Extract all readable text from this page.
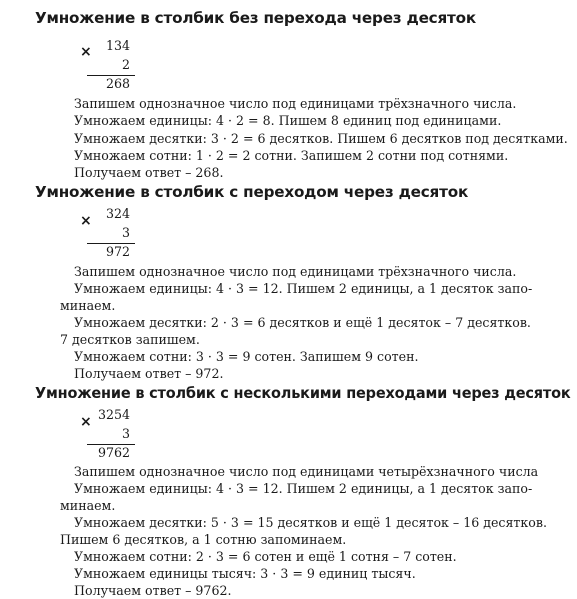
Умножение в столбик без перехода через десяток
×	134
2
268
Запишем однозначное число под единицами трёхзначного числа.
Умножаем единицы: 4 · 2 = 8. Пишем 8 единиц под единицами.
Умножаем десятки: 3 · 2 = 6 десятков. Пишем 6 десятков под десятками.
Умножаем сотни: 1 · 2 = 2 сотни. Запишем 2 сотни под сотнями.
Получаем ответ – 268.
Умножение в столбик с переходом через десяток
×	324
3
972
Запишем однозначное число под единицами трёхзначного числа.
Умножаем единицы: 4 · 3 = 12. Пишем 2 единицы, а 1 десяток запо-
минаем.
Умножаем десятки: 2 · 3 = 6 десятков и ещё 1 десяток – 7 десятков.
7 десятков запишем.
Умножаем сотни: 3 · 3 = 9 сотен. Запишем 9 сотен.
Получаем ответ – 972.
Умножение в столбик с несколькими переходами через десяток
× 3254
3
9762
Запишем однозначное число под единицами четырёхзначного числа
Умножаем единицы: 4 · 3 = 12. Пишем 2 единицы, а 1 десяток запо-
минаем.
Умножаем десятки: 5 · 3 = 15 десятков и ещё 1 десяток – 16 десятков.
Пишем 6 десятков, а 1 сотню запоминаем.
Умножаем сотни: 2 · 3 = 6 сотен и ещё 1 сотня – 7 сотен.
Умножаем единицы тысяч: 3 · 3 = 9 единиц тысяч.
Получаем ответ – 9762.
